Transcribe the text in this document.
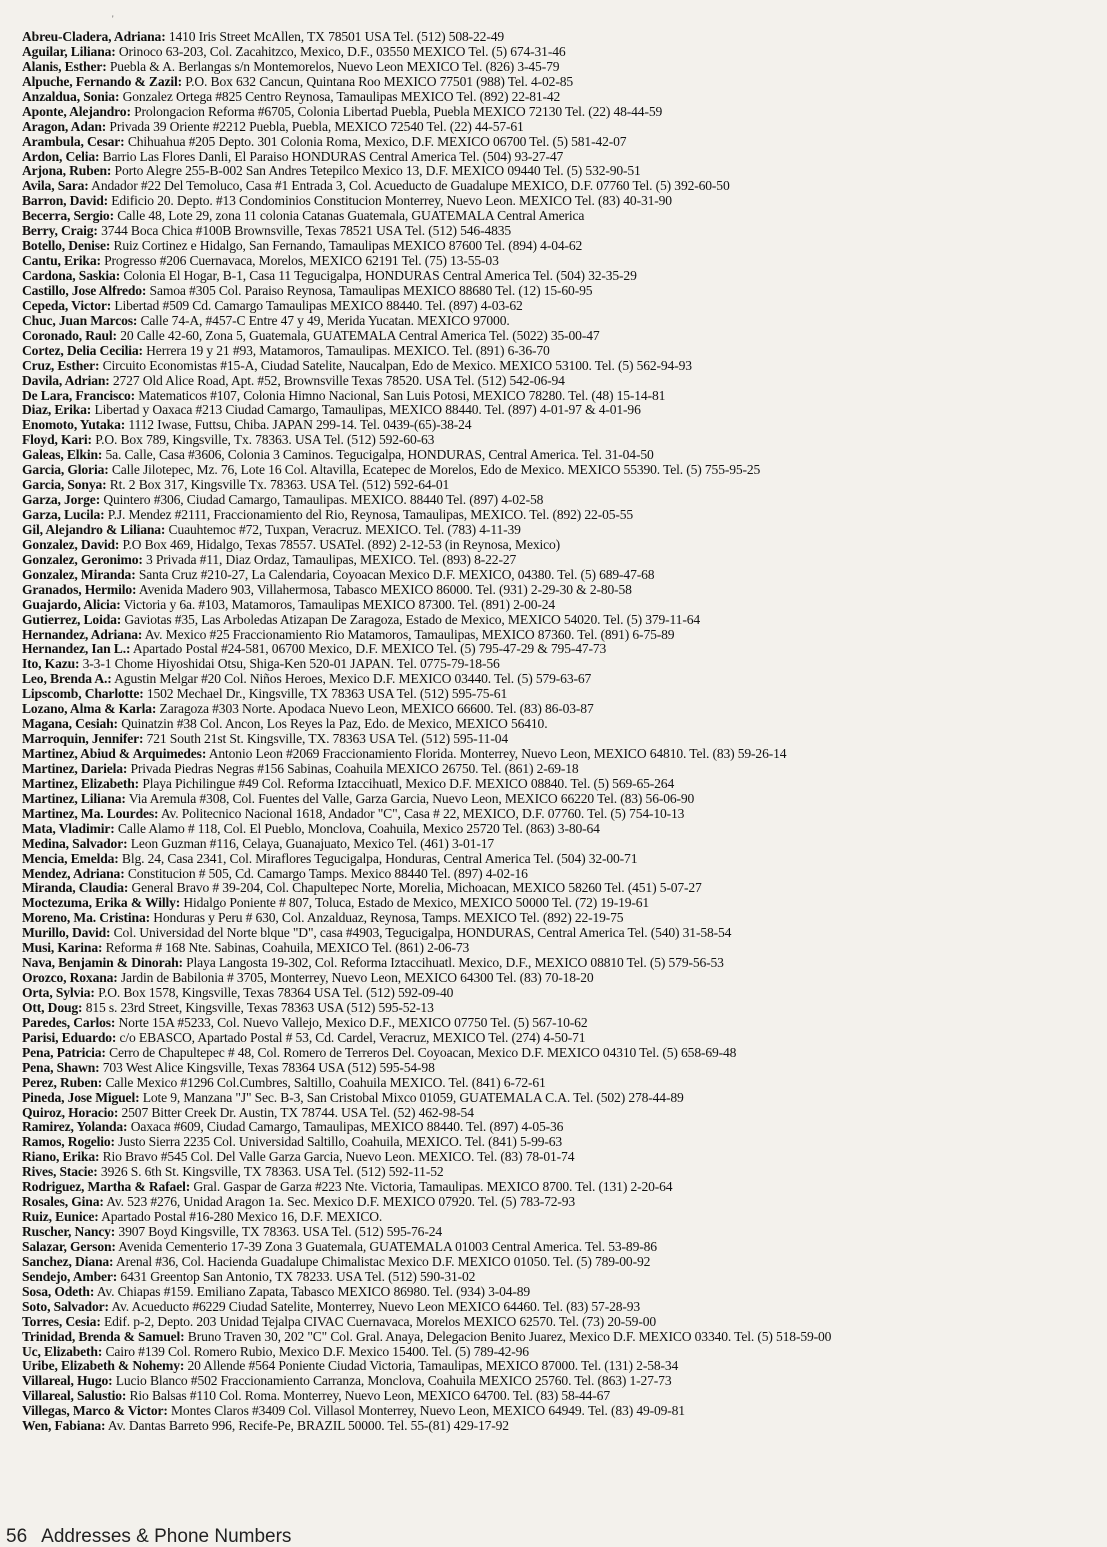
'
Abreu-Cladera, Adriana: 1410 Iris Street McAllen, TX 78501 USA Tel. (512) 508-22-49
Aguilar, Liliana: Orinoco 63-203, Col. Zacahitzco, Mexico, D.F., 03550 MEXICO Tel. (5) 674-31-46
Alanis, Esther: Puebla & A. Berlangas s/n Montemorelos, Nuevo Leon MEXICO Tel. (826) 3-45-79
Alpuche, Fernando & Zazil: P.O. Box 632 Cancun, Quintana Roo MEXICO 77501 (988) Tel. 4-02-85
Anzaldua, Sonia: Gonzalez Ortega #825 Centro Reynosa, Tamaulipas MEXICO Tel. (892) 22-81-42
Aponte, Alejandro: Prolongacion Reforma #6705, Colonia Libertad Puebla, Puebla MEXICO 72130 Tel. (22) 48-44-59
Aragon, Adan: Privada 39 Oriente #2212 Puebla, Puebla, MEXICO 72540 Tel. (22) 44-57-61
Arambula, Cesar: Chihuahua #205 Depto. 301 Colonia Roma, Mexico, D.F. MEXICO 06700 Tel. (5) 581-42-07
Ardon, Celia: Barrio Las Flores Danli, El Paraiso HONDURAS Central America Tel. (504) 93-27-47
Arjona, Ruben: Porto Alegre 255-B-002 San Andres Tetepilco Mexico 13, D.F. MEXICO 09440 Tel. (5) 532-90-51
Avila, Sara: Andador #22 Del Temoluco, Casa #1 Entrada 3, Col. Acueducto de Guadalupe MEXICO, D.F. 07760 Tel. (5) 392-60-50
Barron, David: Edificio 20. Depto. #13 Condominios Constitucion Monterrey, Nuevo Leon. MEXICO Tel. (83) 40-31-90
Becerra, Sergio: Calle 48, Lote 29, zona 11 colonia Catanas Guatemala, GUATEMALA Central America
Berry, Craig: 3744 Boca Chica #100B Brownsville, Texas 78521 USA Tel. (512) 546-4835
Botello, Denise: Ruiz Cortinez e Hidalgo, San Fernando, Tamaulipas MEXICO 87600 Tel. (894) 4-04-62
Cantu, Erika: Progresso #206 Cuernavaca, Morelos, MEXICO 62191 Tel. (75) 13-55-03
Cardona, Saskia: Colonia El Hogar, B-1, Casa 11 Tegucigalpa, HONDURAS Central America Tel. (504) 32-35-29
Castillo, Jose Alfredo: Samoa #305 Col. Paraiso Reynosa, Tamaulipas MEXICO 88680 Tel. (12) 15-60-95
Cepeda, Victor: Libertad #509 Cd. Camargo Tamaulipas MEXICO 88440. Tel. (897) 4-03-62
Chuc, Juan Marcos: Calle 74-A, #457-C Entre 47 y 49, Merida Yucatan. MEXICO 97000.
Coronado, Raul: 20 Calle 42-60, Zona 5, Guatemala, GUATEMALA Central America Tel. (5022) 35-00-47
Cortez, Delia Cecilia: Herrera 19 y 21 #93, Matamoros, Tamaulipas. MEXICO. Tel. (891) 6-36-70
Cruz, Esther: Circuito Economistas #15-A, Ciudad Satelite, Naucalpan, Edo de Mexico. MEXICO 53100. Tel. (5) 562-94-93
Davila, Adrian: 2727 Old Alice Road, Apt. #52, Brownsville Texas 78520. USA Tel. (512) 542-06-94
De Lara, Francisco: Matematicos #107, Colonia Himno Nacional, San Luis Potosi, MEXICO 78280. Tel. (48) 15-14-81
Diaz, Erika: Libertad y Oaxaca #213 Ciudad Camargo, Tamaulipas, MEXICO 88440. Tel. (897) 4-01-97 & 4-01-96
Enomoto, Yutaka: 1112 Iwase, Futtsu, Chiba. JAPAN 299-14. Tel. 0439-(65)-38-24
Floyd, Kari: P.O. Box 789, Kingsville, Tx. 78363. USA Tel. (512) 592-60-63
Galeas, Elkin: 5a. Calle, Casa #3606, Colonia 3 Caminos. Tegucigalpa, HONDURAS, Central America. Tel. 31-04-50
Garcia, Gloria: Calle Jilotepec, Mz. 76, Lote 16 Col. Altavilla, Ecatepec de Morelos, Edo de Mexico. MEXICO 55390. Tel. (5) 755-95-25
Garcia, Sonya: Rt. 2 Box 317, Kingsville Tx. 78363. USA Tel. (512) 592-64-01
Garza, Jorge: Quintero #306, Ciudad Camargo, Tamaulipas. MEXICO. 88440 Tel. (897) 4-02-58
Garza, Lucila: P.J. Mendez #2111, Fraccionamiento del Rio, Reynosa, Tamaulipas, MEXICO. Tel. (892) 22-05-55
Gil, Alejandro & Liliana: Cuauhtemoc #72, Tuxpan, Veracruz. MEXICO. Tel. (783) 4-11-39
Gonzalez, David: P.O Box 469, Hidalgo, Texas 78557. USATel. (892) 2-12-53 (in Reynosa, Mexico)
Gonzalez, Geronimo: 3 Privada #11, Diaz Ordaz, Tamaulipas, MEXICO. Tel. (893) 8-22-27
Gonzalez, Miranda: Santa Cruz #210-27, La Calendaria, Coyoacan Mexico D.F. MEXICO, 04380. Tel. (5) 689-47-68
Granados, Hermilo: Avenida Madero 903, Villahermosa, Tabasco MEXICO 86000. Tel. (931) 2-29-30 & 2-80-58
Guajardo, Alicia: Victoria y 6a. #103, Matamoros, Tamaulipas MEXICO 87300. Tel. (891) 2-00-24
Gutierrez, Loida: Gaviotas #35, Las Arboledas Atizapan De Zaragoza, Estado de Mexico, MEXICO 54020. Tel. (5) 379-11-64
Hernandez, Adriana: Av. Mexico #25 Fraccionamiento Rio Matamoros, Tamaulipas, MEXICO 87360. Tel. (891) 6-75-89
Hernandez, Ian L.: Apartado Postal #24-581, 06700 Mexico, D.F. MEXICO Tel. (5) 795-47-29 & 795-47-73
Ito, Kazu: 3-3-1 Chome Hiyoshidai Otsu, Shiga-Ken 520-01 JAPAN. Tel. 0775-79-18-56
Leo, Brenda A.: Agustin Melgar #20 Col. Niños Heroes, Mexico D.F. MEXICO 03440. Tel. (5) 579-63-67
Lipscomb, Charlotte: 1502 Mechael Dr., Kingsville, TX 78363 USA Tel. (512) 595-75-61
Lozano, Alma & Karla: Zaragoza #303 Norte. Apodaca Nuevo Leon, MEXICO 66600. Tel. (83) 86-03-87
Magana, Cesiah: Quinatzin #38 Col. Ancon, Los Reyes la Paz, Edo. de Mexico, MEXICO 56410.
Marroquin, Jennifer: 721 South 21st St. Kingsville, TX. 78363 USA Tel. (512) 595-11-04
Martinez, Abiud & Arquimedes: Antonio Leon #2069 Fraccionamiento Florida. Monterrey, Nuevo Leon, MEXICO 64810. Tel. (83) 59-26-14
Martinez, Dariela: Privada Piedras Negras #156 Sabinas, Coahuila MEXICO 26750. Tel. (861) 2-69-18
Martinez, Elizabeth: Playa Pichilingue #49 Col. Reforma Iztaccihuatl, Mexico D.F. MEXICO 08840. Tel. (5) 569-65-264
Martinez, Liliana: Via Aremula #308, Col. Fuentes del Valle, Garza Garcia, Nuevo Leon, MEXICO 66220 Tel. (83) 56-06-90
Martinez, Ma. Lourdes: Av. Politecnico Nacional 1618, Andador "C", Casa # 22, MEXICO, D.F. 07760. Tel. (5) 754-10-13
Mata, Vladimir: Calle Alamo # 118, Col. El Pueblo, Monclova, Coahuila, Mexico 25720 Tel. (863) 3-80-64
Medina, Salvador: Leon Guzman #116, Celaya, Guanajuato, Mexico Tel. (461) 3-01-17
Mencia, Emelda: Blg. 24, Casa 2341, Col. Miraflores Tegucigalpa, Honduras, Central America Tel. (504) 32-00-71
Mendez, Adriana: Constitucion # 505, Cd. Camargo Tamps. Mexico 88440 Tel. (897) 4-02-16
Miranda, Claudia: General Bravo # 39-204, Col. Chapultepec Norte, Morelia, Michoacan, MEXICO 58260 Tel. (451) 5-07-27
Moctezuma, Erika & Willy: Hidalgo Poniente # 807, Toluca, Estado de Mexico, MEXICO 50000 Tel. (72) 19-19-61
Moreno, Ma. Cristina: Honduras y Peru # 630, Col. Anzalduaz, Reynosa, Tamps. MEXICO Tel. (892) 22-19-75
Murillo, David: Col. Universidad del Norte blque "D", casa #4903, Tegucigalpa, HONDURAS, Central America Tel. (540) 31-58-54
Musi, Karina: Reforma # 168 Nte. Sabinas, Coahuila, MEXICO Tel. (861) 2-06-73
Nava, Benjamin & Dinorah: Playa Langosta 19-302, Col. Reforma Iztaccihuatl. Mexico, D.F., MEXICO 08810 Tel. (5) 579-56-53
Orozco, Roxana: Jardin de Babilonia # 3705, Monterrey, Nuevo Leon, MEXICO 64300 Tel. (83) 70-18-20
Orta, Sylvia: P.O. Box 1578, Kingsville, Texas 78364 USA Tel. (512) 592-09-40
Ott, Doug: 815 s. 23rd Street, Kingsville, Texas 78363 USA (512) 595-52-13
Paredes, Carlos: Norte 15A #5233, Col. Nuevo Vallejo, Mexico D.F., MEXICO 07750 Tel. (5) 567-10-62
Parisi, Eduardo: c/o EBASCO, Apartado Postal # 53, Cd. Cardel, Veracruz, MEXICO Tel. (274) 4-50-71
Pena, Patricia: Cerro de Chapultepec # 48, Col. Romero de Terreros Del. Coyoacan, Mexico D.F. MEXICO 04310 Tel. (5) 658-69-48
Pena, Shawn: 703 West Alice Kingsville, Texas 78364 USA (512) 595-54-98
Perez, Ruben: Calle Mexico #1296 Col.Cumbres, Saltillo, Coahuila MEXICO. Tel. (841) 6-72-61
Pineda, Jose Miguel: Lote 9, Manzana "J" Sec. B-3, San Cristobal Mixco 01059, GUATEMALA C.A. Tel. (502) 278-44-89
Quiroz, Horacio: 2507 Bitter Creek Dr. Austin, TX 78744. USA Tel. (52) 462-98-54
Ramirez, Yolanda: Oaxaca #609, Ciudad Camargo, Tamaulipas, MEXICO 88440. Tel. (897) 4-05-36
Ramos, Rogelio: Justo Sierra 2235 Col. Universidad Saltillo, Coahuila, MEXICO. Tel. (841) 5-99-63
Riano, Erika: Rio Bravo #545 Col. Del Valle Garza Garcia, Nuevo Leon. MEXICO. Tel. (83) 78-01-74
Rives, Stacie: 3926 S. 6th St. Kingsville, TX 78363. USA Tel. (512) 592-11-52
Rodriguez, Martha & Rafael: Gral. Gaspar de Garza #223 Nte. Victoria, Tamaulipas. MEXICO 8700. Tel. (131) 2-20-64
Rosales, Gina: Av. 523 #276, Unidad Aragon 1a. Sec. Mexico D.F. MEXICO 07920. Tel. (5) 783-72-93
Ruiz, Eunice: Apartado Postal #16-280 Mexico 16, D.F. MEXICO.
Ruscher, Nancy: 3907 Boyd Kingsville, TX 78363. USA Tel. (512) 595-76-24
Salazar, Gerson: Avenida Cementerio 17-39 Zona 3 Guatemala, GUATEMALA 01003 Central America. Tel. 53-89-86
Sanchez, Diana: Arenal #36, Col. Hacienda Guadalupe Chimalistac Mexico D.F. MEXICO 01050. Tel. (5) 789-00-92
Sendejo, Amber: 6431 Greentop San Antonio, TX 78233. USA Tel. (512) 590-31-02
Sosa, Odeth: Av. Chiapas #159. Emiliano Zapata, Tabasco MEXICO 86980. Tel. (934) 3-04-89
Soto, Salvador: Av. Acueducto #6229 Ciudad Satelite, Monterrey, Nuevo Leon MEXICO 64460. Tel. (83) 57-28-93
Torres, Cesia: Edif. p-2, Depto. 203 Unidad Tejalpa CIVAC Cuernavaca, Morelos MEXICO 62570. Tel. (73) 20-59-00
Trinidad, Brenda & Samuel: Bruno Traven 30, 202 "C" Col. Gral. Anaya, Delegacion Benito Juarez, Mexico D.F. MEXICO 03340. Tel. (5) 518-59-00
Uc, Elizabeth: Cairo #139 Col. Romero Rubio, Mexico D.F. Mexico 15400. Tel. (5) 789-42-96
Uribe, Elizabeth & Nohemy: 20 Allende #564 Poniente Ciudad Victoria, Tamaulipas, MEXICO 87000. Tel. (131) 2-58-34
Villareal, Hugo: Lucio Blanco #502 Fraccionamiento Carranza, Monclova, Coahuila MEXICO 25760. Tel. (863) 1-27-73
Villareal, Salustio: Rio Balsas #110 Col. Roma. Monterrey, Nuevo Leon, MEXICO 64700. Tel. (83) 58-44-67
Villegas, Marco & Victor: Montes Claros #3409 Col. Villasol Monterrey, Nuevo Leon, MEXICO 64949. Tel. (83) 49-09-81
Wen, Fabiana: Av. Dantas Barreto 996, Recife-Pe, BRAZIL 50000. Tel. 55-(81) 429-17-92
56 Addresses & Phone Numbers
